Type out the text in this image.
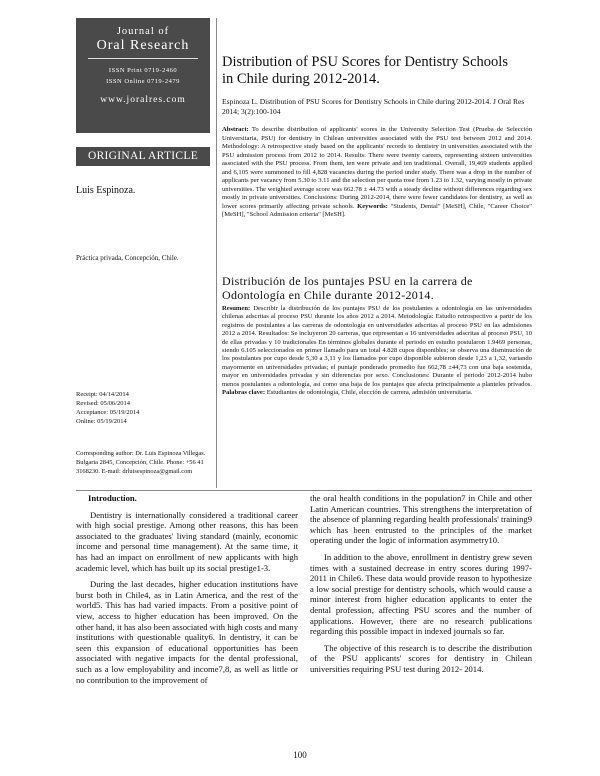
Journal of
Oral Research
ISSN Print 0719-2460
ISSN Online 0719-2479
www.joralres.com
ORIGINAL ARTICLE
Luis Espinoza.
Práctica privada, Concepción, Chile.
Receipt: 04/14/2014
Revised: 05/06/2014
Acceptance: 05/19/2014
Online: 05/19/2014
Corresponding author: Dr. Luis Espinoza Villegas. Bulgaria 2845, Concepción, Chile. Phone: +56 41 3168230. E-mail: drluisespinoza@gmail.com
Distribution of PSU Scores for Dentistry Schools in Chile during 2012-2014.
Espinoza L. Distribution of PSU Scores for Dentistry Schools in Chile during 2012-2014. J Oral Res 2014; 3(2):100-104
Abstract: To describe distribution of applicants' scores in the University Selection Test (Prueba de Selección Universitaria, PSU) for dentistry in Chilean universities associated with the PSU test between 2012 and 2014. Methodology: A retrospective study based on the applicants' records to dentistry in universities associated with the PSU admission process from 2012 to 2014. Results: There were twenty careers, representing sixteen universities associated with the PSU process. From them, ten were private and ten traditional. Overall, 19,469 students applied and 6,105 were summoned to fill 4,828 vacancies during the period under study. There was a drop in the number of applicants per vacancy from 5.30 to 3.11 and the selection per quota rose from 1.23 to 1.32, varying mostly in private universities. The weighted average score was 662.78 ± 44.73 with a steady decline without differences regarding sex mostly in private universities. Conclusions: During 2012-2014, there were fewer candidates for dentistry, as well as lower scores primarily affecting private schools. Keywords: "Students, Dental" [MeSH], Chile, "Career Choice" [MeSH], "School Admission criteria" [MeSH].
Distribución de los puntajes PSU en la carrera de Odontología en Chile durante 2012-2014.
Resumen: Describir la distribución de los puntajes PSU de los postulantes a odontología en las universidades chilenas adscritas al proceso PSU durante los años 2012 a 2014. Metodología: Estudio retrospectivo a partir de los registros de postulantes a las carreras de odontología en universidades adscritas al proceso PSU en las admisiones 2012 a 2014. Resultados: Se incluyeron 20 carreras, que representan a 16 universidades adscritas al proceso PSU, 10 de ellas privadas y 10 tradicionales En términos globales durante el periodo en estudio postularon 1.9469 personas, siendo 6.105 seleccionados en primer llamado para un total 4.828 cupos disponibles; se observa una disminución de los postulantes por cupo desde 5,30 a 3,11 y los llamados por cupo disponible subieron desde 1,23 a 1,32, variando mayormente en universidades privadas; el puntaje ponderado promedio fue 662,78 ±44,73 con una baja sostenida, mayor en universidades privadas y sin diferencias por sexo. Conclusiones: Durante el periodo 2012-2014 hubo menos postulantes a odontología, así como una baja de los puntajes que afecta principalmente a planteles privados. Palabras clave: Estudiantes de odontología, Chile, elección de carrera, admisión universitaria.
Introduction.

Dentistry is internationally considered a traditional career with high social prestige. Among other reasons, this has been associated to the graduates' living standard (mainly, economic income and personal time management). At the same time, it has had an impact on enrollment of new applicants with high academic level, which has built up its social prestige1-3.

During the last decades, higher education institutions have burst both in Chile4, as in Latin America, and the rest of the world5. This has had varied impacts. From a positive point of view, access to higher education has been improved. On the other hand, it has also been associated with high costs and many institutions with questionable quality6. In dentistry, it can be seen this expansion of educational opportunities has been associated with negative impacts for the dental professional, such as a low employability and income7,8, as well as little or no contribution to the improvement of

the oral health conditions in the population7 in Chile and other Latin American countries. This strengthens the interpretation of the absence of planning regarding health professionals' training9 which has been entrusted to the principles of the market operating under the logic of information asymmetry10.

In addition to the above, enrollment in dentistry grew seven times with a sustained decrease in entry scores during 1997-2011 in Chile6. These data would provide reason to hypothesize a low social prestige for dentistry schools, which would cause a minor interest from higher education applicants to enter the dental profession, affecting PSU scores and the number of applications. However, there are no research publications regarding this possible impact in indexed journals so far.

The objective of this research is to describe the distribution of the PSU applicants' scores for dentistry in Chilean universities requiring PSU test during 2012- 2014.

100
